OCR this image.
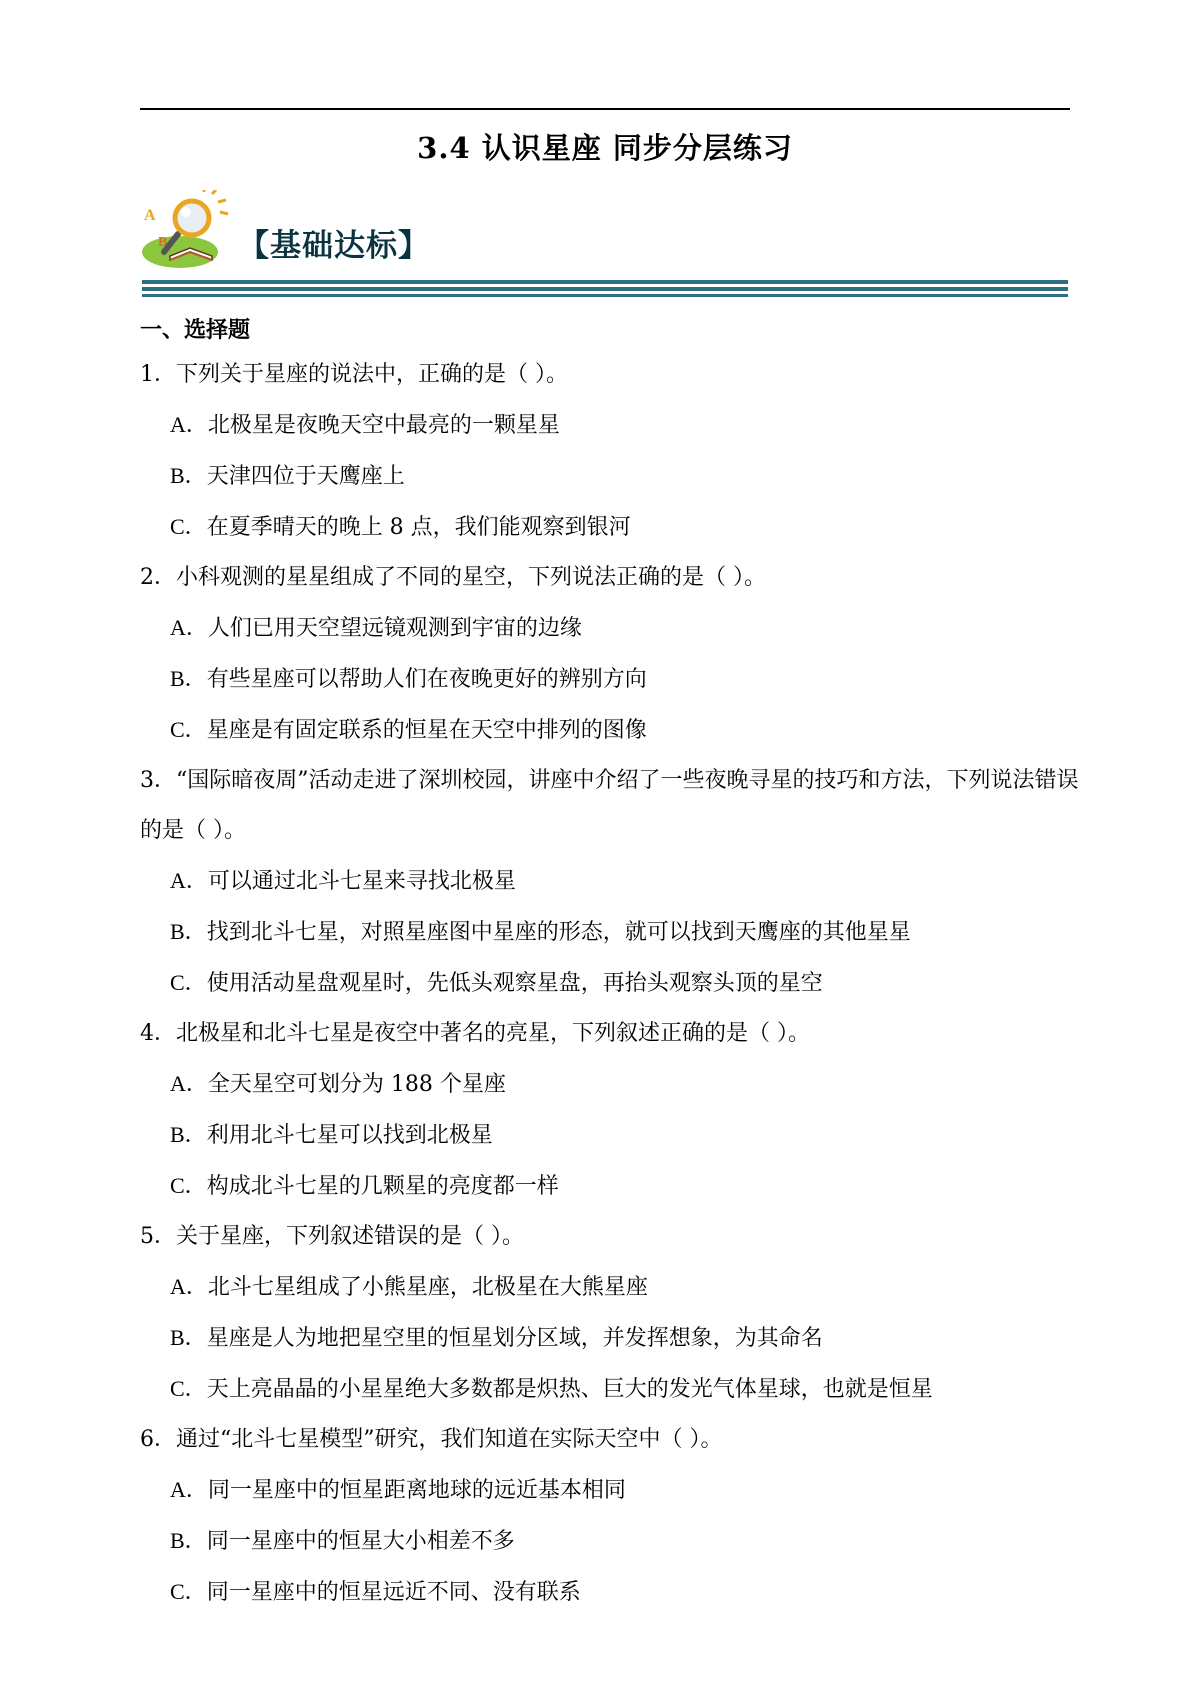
3.4 认识星座 同步分层练习
A
B 【基础达标】
一、选择题

1．下列关于星座的说法中，正确的是（ ）。

A．北极星是夜晚天空中最亮的一颗星星

B．天津四位于天鹰座上

C．在夏季晴天的晚上 8 点，我们能观察到银河

2．小科观测的星星组成了不同的星空，下列说法正确的是（ ）。

A．人们已用天空望远镜观测到宇宙的边缘

B．有些星座可以帮助人们在夜晚更好的辨别方向

C．星座是有固定联系的恒星在天空中排列的图像

3．“国际暗夜周”活动走进了深圳校园，讲座中介绍了一些夜晚寻星的技巧和方法，下列说法错误的是（ ）。

A．可以通过北斗七星来寻找北极星

B．找到北斗七星，对照星座图中星座的形态，就可以找到天鹰座的其他星星

C．使用活动星盘观星时，先低头观察星盘，再抬头观察头顶的星空

4．北极星和北斗七星是夜空中著名的亮星，下列叙述正确的是（ ）。

A．全天星空可划分为 188 个星座

B．利用北斗七星可以找到北极星

C．构成北斗七星的几颗星的亮度都一样

5．关于星座，下列叙述错误的是（ ）。

A．北斗七星组成了小熊星座，北极星在大熊星座

B．星座是人为地把星空里的恒星划分区域，并发挥想象，为其命名

C．天上亮晶晶的小星星绝大多数都是炽热、巨大的发光气体星球，也就是恒星

6．通过“北斗七星模型”研究，我们知道在实际天空中（ ）。

A．同一星座中的恒星距离地球的远近基本相同

B．同一星座中的恒星大小相差不多

C．同一星座中的恒星远近不同、没有联系
